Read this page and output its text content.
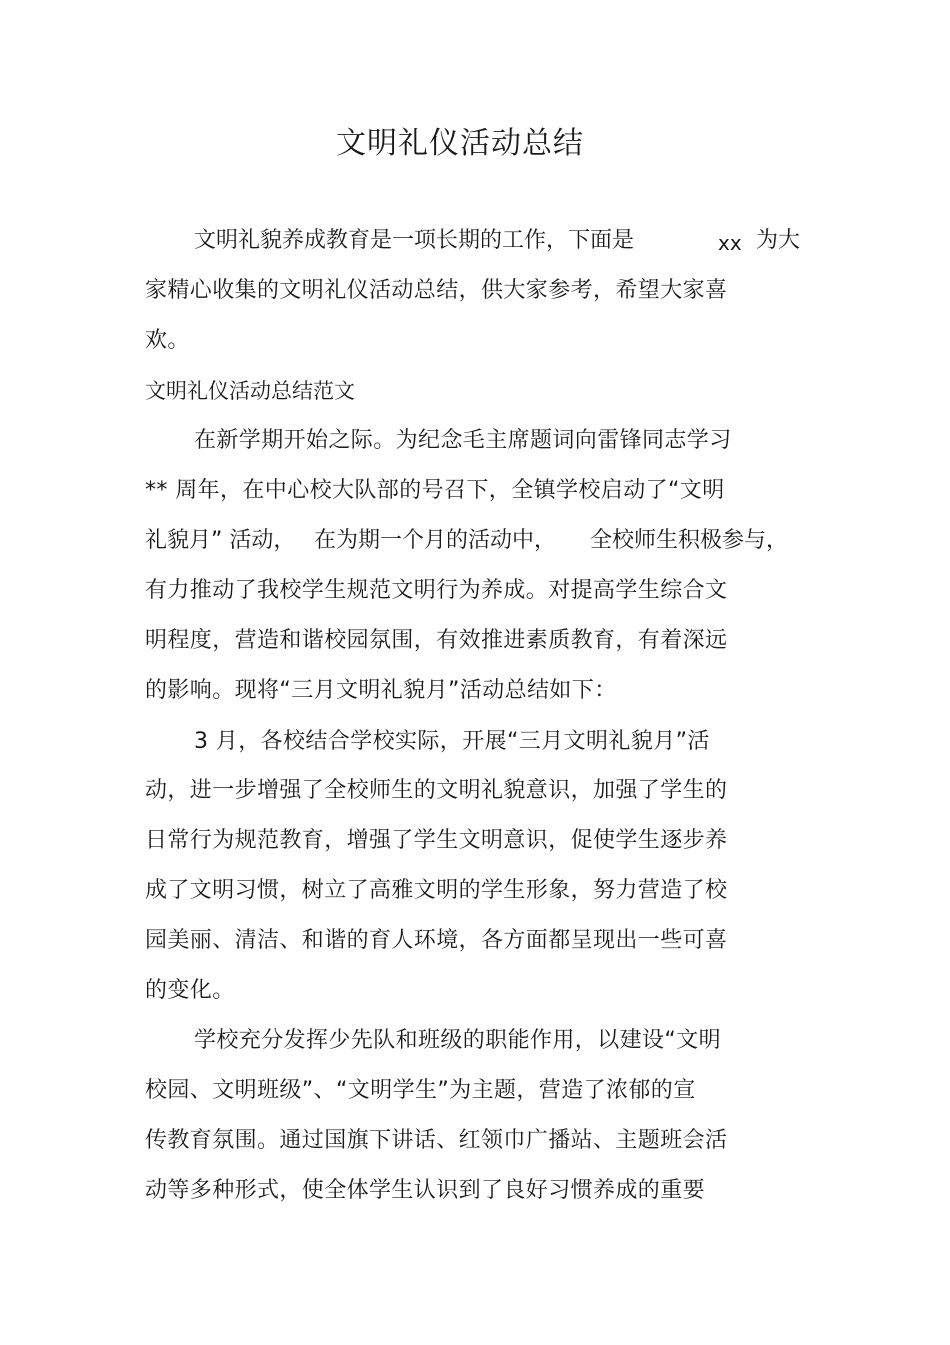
文明礼仪活动总结
文明礼貌养成教育是一项长期的工作，下面是	xx 为大
家精心收集的文明礼仪活动总结，供大家参考，希望大家喜
欢。
文明礼仪活动总结范文
在新学期开始之际。为纪念毛主席题词向雷锋同志学习
** 周年，在中心校大队部的号召下，全镇学校启动了“文明
礼貌月” 活动， 在为期一个月的活动中， 全校师生积极参与，
有力推动了我校学生规范文明行为养成。对提高学生综合文
明程度，营造和谐校园氛围，有效推进素质教育，有着深远
的影响。现将“三月文明礼貌月”活动总结如下：
3 月，各校结合学校实际，开展“三月文明礼貌月”活
动，进一步增强了全校师生的文明礼貌意识，加强了学生的
日常行为规范教育，增强了学生文明意识，促使学生逐步养
成了文明习惯，树立了高雅文明的学生形象，努力营造了校
园美丽、清洁、和谐的育人环境，各方面都呈现出一些可喜
的变化。
学校充分发挥少先队和班级的职能作用，以建设“文明
校园、文明班级”、“文明学生”为主题，营造了浓郁的宣
传教育氛围。通过国旗下讲话、红领巾广播站、主题班会活
动等多种形式，使全体学生认识到了良好习惯养成的重要
